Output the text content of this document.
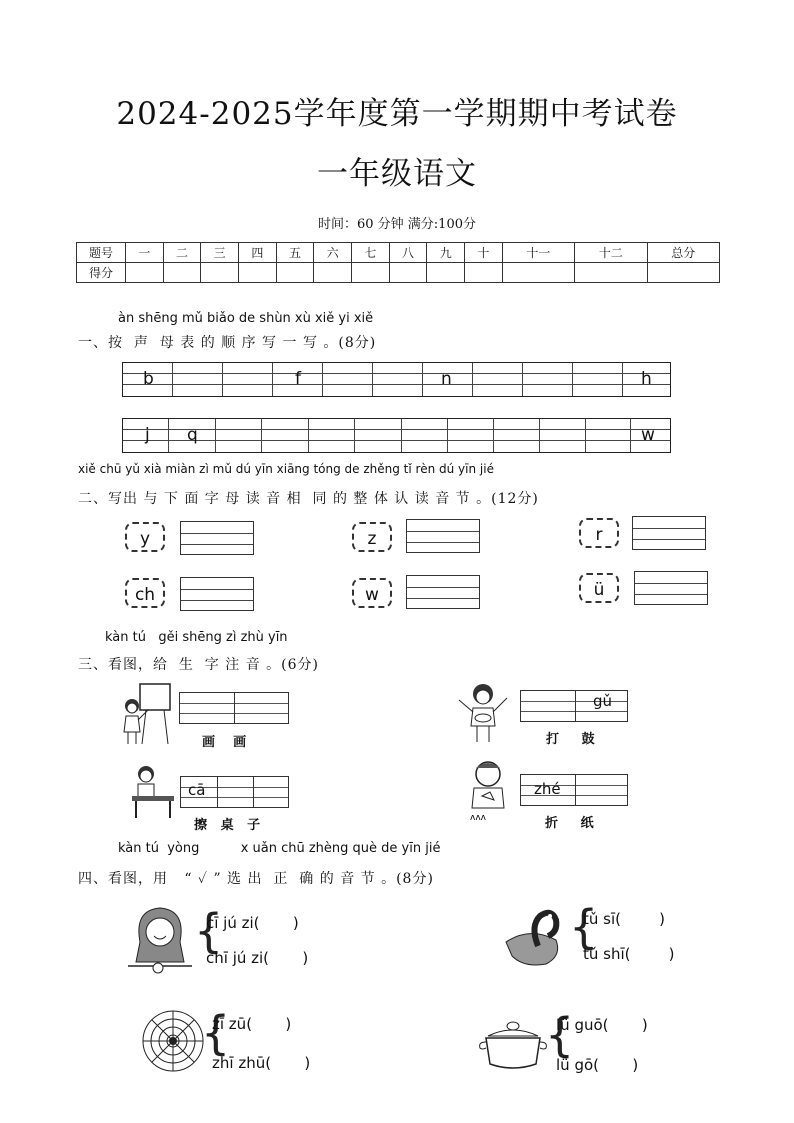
2024-2025学年度第一学期期中考试卷
一年级语文
时间：60 分钟 满分:100分
题号	一	二	三	四	五	六	七	八	九	十	十一	十二	总分
得分													
àn shēng mǔ biǎo de shùn xù xiě yi xiě
一、按  声  母 表 的 顺 序 写 一 写 。(8分)
b	f	n	h
j q	w
xiě chū yǔ xià miàn zì mǔ dú yīn xiāng tóng de zhěng tǐ rèn dú yīn jié
二、写出 与 下 面 字 母 读 音 相  同 的 整 体 认 读 音 节 。(12分)
y	z	r
ch	w	ü
kàn tú   gěi shēng zì zhù yīn
三、看图，给  生  字 注 音 。(6分)
画    画
gǔ
打     鼓
cā
擦   桌   子	ʌʌʌ
zhé
折     纸
kàn tú  yòng          x uǎn chū zhèng què de yīn jié
四、看图，用   “ ✓ ” 选 出  正  确 的 音 节 。(8分)
{
cī jú zi(       )
chī jú zi(       )
{
tǔ sī(        )
tǔ shī(        )
{
zī zū(       )
zhī zhū(       )
{
lǚ guō(       )
lǚ gō(       )
